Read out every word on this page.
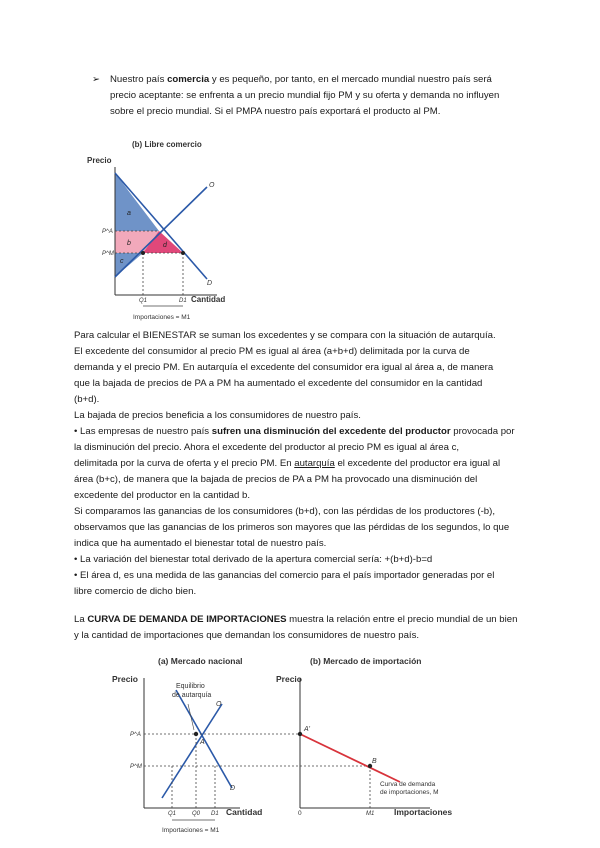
➢ Nuestro país comercia y es pequeño, por tanto, en el mercado mundial nuestro país será
precio aceptante: se enfrenta a un precio mundial fijo PM y su oferta y demanda no influyen
sobre el precio mundial. Si el PMPA nuestro país exportará el producto al PM.
(b) Libre comercio
Precio
P^A
P^M
a
b
c
d
O
D
Q1	D1 Cantidad
Importaciones = M1
Para calcular el BIENESTAR se suman los excedentes y se compara con la situación de autarquía.
El excedente del consumidor al precio PM es igual al área (a+b+d) delimitada por la curva de
demanda y el precio PM. En autarquía el excedente del consumidor era igual al área a, de manera
que la bajada de precios de PA a PM ha aumentado el excedente del consumidor en la cantidad
(b+d).
La bajada de precios beneficia a los consumidores de nuestro país.
• Las empresas de nuestro país sufren una disminución del excedente del productor provocada por
la disminución del precio. Ahora el excedente del productor al precio PM es igual al área c,
delimitada por la curva de oferta y el precio PM. En autarquía el excedente del productor era igual al
área (b+c), de manera que la bajada de precios de PA a PM ha provocado una disminución del
excedente del productor en la cantidad b.
Si comparamos las ganancias de los consumidores (b+d), con las pérdidas de los productores (-b),
observamos que las ganancias de los primeros son mayores que las pérdidas de los segundos, lo que
indica que ha aumentado el bienestar total de nuestro país.
• La variación del bienestar total derivado de la apertura comercial sería: +(b+d)-b=d
• El área d, es una medida de las ganancias del comercio para el país importador generadas por el
libre comercio de dicho bien.
La CURVA DE DEMANDA DE IMPORTACIONES muestra la relación entre el precio mundial de un bien
y la cantidad de importaciones que demandan los consumidores de nuestro país.
(a) Mercado nacional
Precio
A
Equilibrio
de autarquía
O
D
P^A
P^M
Q1	Q0 D1 Cantidad
Importaciones = M1
(b) Mercado de importación
Precio
A'
B
Curva de demanda
de importaciones, M
0	M1 Importaciones
